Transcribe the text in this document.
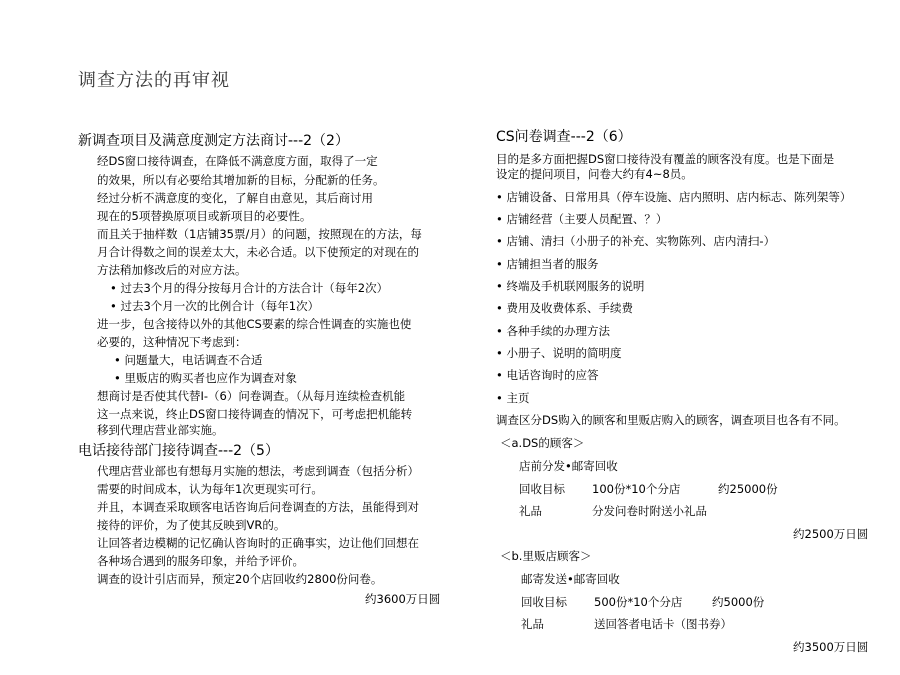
调查方法的再审视
新调查项目及满意度测定方法商讨---2（2）
经DS窗口接待调查，在降低不满意度方面，取得了一定
的效果，所以有必要给其增加新的目标，分配新的任务。
经过分析不满意度的变化，了解自由意见，其后商讨用
现在的5项替换原项目或新项目的必要性。
而且关于抽样数（1店铺35票/月）的问题，按照现在的方法，每
月合计得数之间的误差太大，未必合适。以下使预定的对现在的
方法稍加修改后的对应方法。
• 过去3个月的得分按每月合计的方法合计（每年2次）
• 过去3个月一次的比例合计（每年1次）
进一步，包含接待以外的其他CS要素的综合性调查的实施也使
必要的，这种情况下考虑到：
• 问题量大，电话调查不合适
• 里贩店的购买者也应作为调查对象
想商讨是否使其代替I-（6）问卷调查。（从每月连续检查机能
这一点来说，终止DS窗口接待调查的情况下，可考虑把机能转
移到代理店营业部实施。
电话接待部门接待调查---2（5）
代理店营业部也有想每月实施的想法，考虑到调查（包括分析）
需要的时间成本，认为每年1次更现实可行。
并且，本调查采取顾客电话咨询后问卷调查的方法，虽能得到对
接待的评价，为了使其反映到VR的。
让回答者边模糊的记忆确认咨询时的正确事实，边让他们回想在
各种场合遇到的服务印象，并给予评价。
调查的设计引店而异，预定20个店回收约2800份问卷。
约3600万日圆
CS问卷调查---2（6）
目的是多方面把握DS窗口接待没有覆盖的顾客没有度。也是下面是
设定的提问项目，问卷大约有4~8员。
• 店铺设备、日常用具（停车设施、店内照明、店内标志、陈列架等）
• 店铺经营（主要人员配置、？）
• 店铺、清扫（小册子的补充、实物陈列、店内清扫-）
• 店铺担当者的服务
• 终端及手机联网服务的说明
• 费用及收费体系、手续费
• 各种手续的办理方法
• 小册子、说明的简明度
• 电话咨询时的应答
• 主页
调查区分DS购入的顾客和里贩店购入的顾客，调查项目也各有不同。
＜a.DS的顾客＞
店前分发•邮寄回收
回收目标 100份*10个分店	约25000份
礼品	分发问卷时附送小礼品
约2500万日圆
＜b.里贩店顾客＞
邮寄发送•邮寄回收
回收目标 500份*10个分店	约5000份
礼品	送回答者电话卡（图书券）
约3500万日圆
